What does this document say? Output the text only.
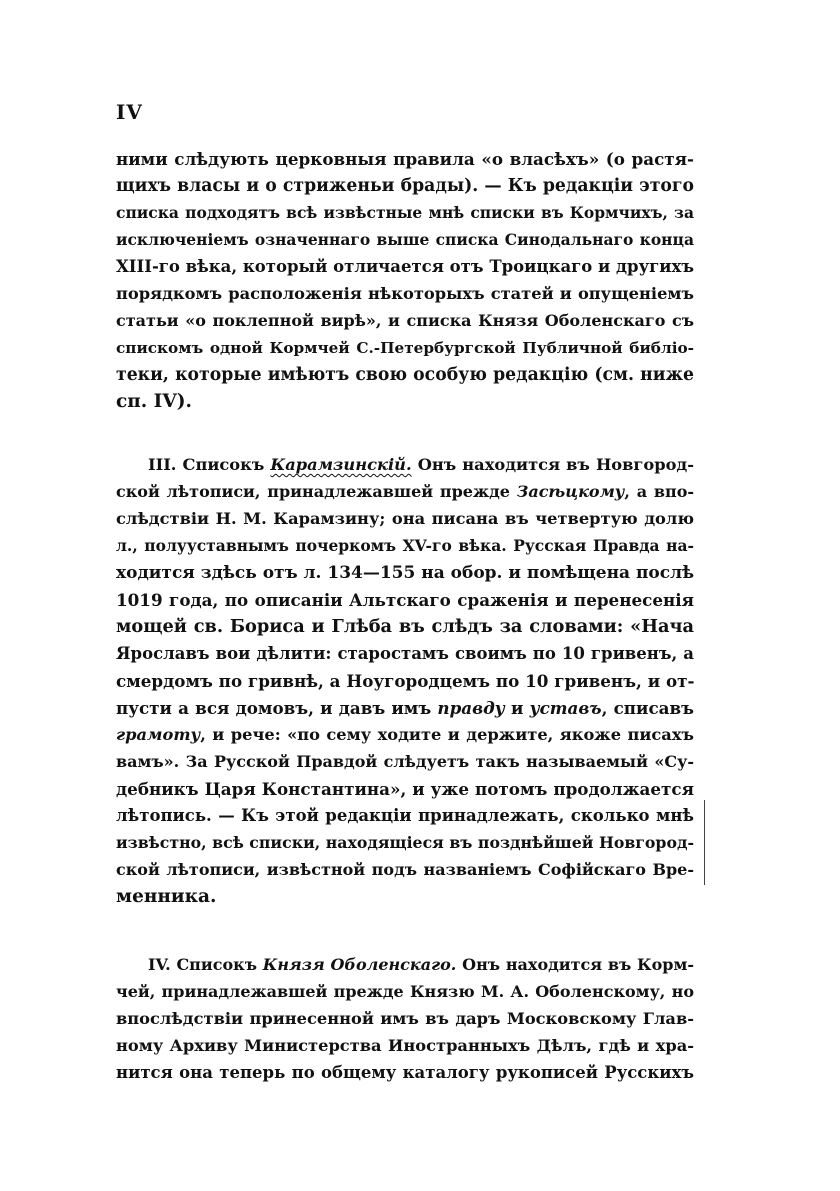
IV
ними слѣдують церковныя правила «о власѣхъ» (о растя-
щихъ власы и о стриженьи брады). — Къ редакціи этого
списка подходятъ всѣ извѣстные мнѣ списки въ Кормчихъ, за
исключеніемъ означеннаго выше списка Синодальнаго конца
XIII-го вѣка, который отличается отъ Троицкаго и другихъ
порядкомъ расположенія нѣкоторыхъ статей и опущеніемъ
статьи «о поклепной вирѣ», и списка Князя Оболенскаго съ
спискомъ одной Кормчей С.-Петербургской Публичной библіо-
теки, которые имѣютъ свою особую редакцію (см. ниже
сп. IV).
III. Списокъ Карамзинскій. Онъ находится въ Новгород-
ской лѣтописи, принадлежавшей прежде Засѣцкому, а впо-
слѣдствіи Н. М. Карамзину; она писана въ четвертую долю
л., полууставнымъ почеркомъ XV-го вѣка. Русская Правда на-
ходится здѣсь отъ л. 134—155 на обор. и помѣщена послѣ
1019 года, по описаніи Альтскаго сраженія и перенесенія
мощей св. Бориса и Глѣба въ слѣдъ за словами: «Нача
Ярославъ вои дѣлити: старостамъ своимъ по 10 гривенъ, а
смердомъ по гривнѣ, а Ноугородцемъ по 10 гривенъ, и от-
пусти а вся домовъ, и давъ имъ правду и уставъ, списавъ
грамоту, и рече: «по сему ходите и держите, якоже писахъ
вамъ». За Русской Правдой слѣдуетъ такъ называемый «Су-
дебникъ Царя Константина», и уже потомъ продолжается
лѣтопись. — Къ этой редакціи принадлежать, сколько мнѣ
извѣстно, всѣ списки, находящіеся въ позднѣйшей Новгород-
ской лѣтописи, извѣстной подъ названіемъ Софійскаго Вре-
менника.
IV. Списокъ Князя Оболенскаго. Онъ находится въ Корм-
чей, принадлежавшей прежде Князю М. А. Оболенскому, но
впослѣдствіи принесенной имъ въ даръ Московскому Глав-
ному Архиву Министерства Иностранныхъ Дѣлъ, гдѣ и хра-
нится она теперь по общему каталогу рукописей Русскихъ
